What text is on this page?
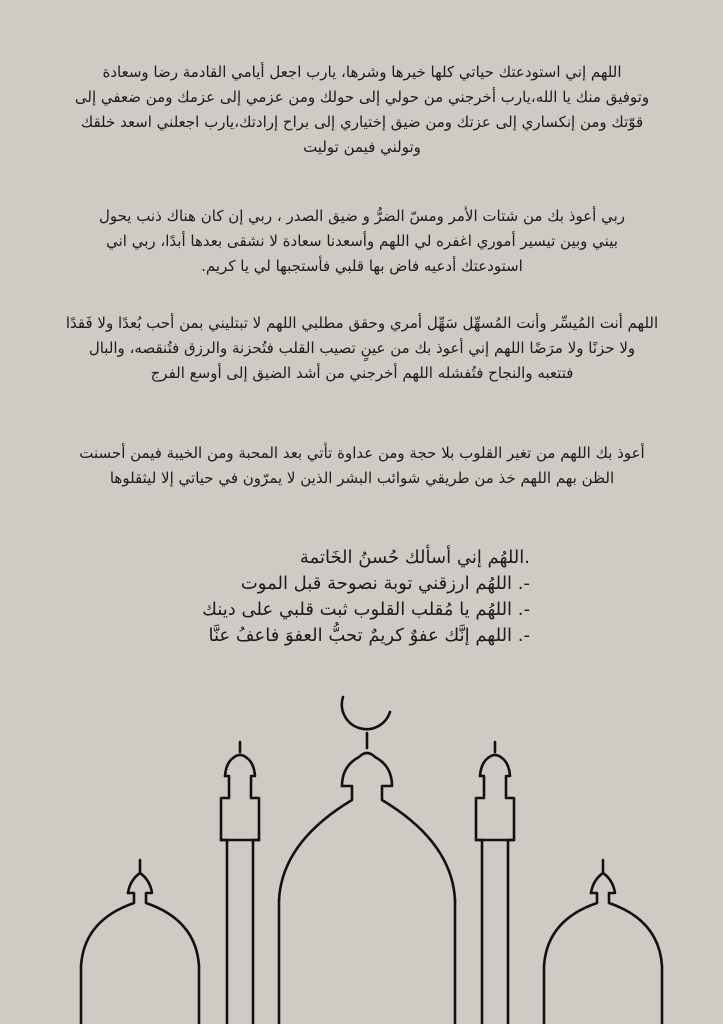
اللهم إني استودعتك حياتي كلها خيرها وشرها، يارب اجعل أيامي القادمة رضا وسعادة
وتوفيق منك يا الله،يارب أخرجني من حولي إلى حولك ومن عزمي إلى عزمك ومن ضعفي إلى
قوّتك ومن إنكساري إلى عزتك ومن ضيق إختياري إلى براح إرادتك،يارب اجعلني اسعد خلقك
وتولني فيمن توليت
ربي أعوذ بك من شتات الأمر ومسّ الضرُّ و ضيق الصدر ، ربي إن كان هناك ذنب يحول
بيني وبين تيسير أموري اغفره لي اللهم وأسعدنا سعادة لا نشقى بعدها أبدًا، ربي اني
استودعتك أدعيه فاض بها قلبي فأستجبها لي يا كريم.
اللهم أنت المُيسِّر وأنت المُسهِّل سَهِّل أمري وحقق مطلبي اللهم لا تبتليني بمن أحب بُعدًا ولا فَقدًا
ولا حزنًا ولا مرَضًا اللهم إني أعوذ بك من عينٍ تصيب القلب فتُحزنة والرزق فتُنقصه، والبال
فتتعبه والنجاح فتُفشله اللهم أخرجني من أشد الضيق إلى أوسع الفرج
أعوذ بك اللهم من تغير القلوب بلا حجة ومن عداوة تأتي بعد المحبة ومن الخيبة فيمن أحسنت
الظن بهم اللهم خذ من طريقي شوائب البشر الذين لا يمرّون في حياتي إلا ليثقلوها
.اللهُم إني أسألك حُسنُ الخَاتمة
-. اللهُم ارزقني توبة نصوحة قبل الموت
-. اللهُم يا مُقلب القلوب ثبت قلبي على دينك
-. اللهم إنَّك عفوٌ كريمٌ تحبُّ العفوَ فاعفُ عنَّا
